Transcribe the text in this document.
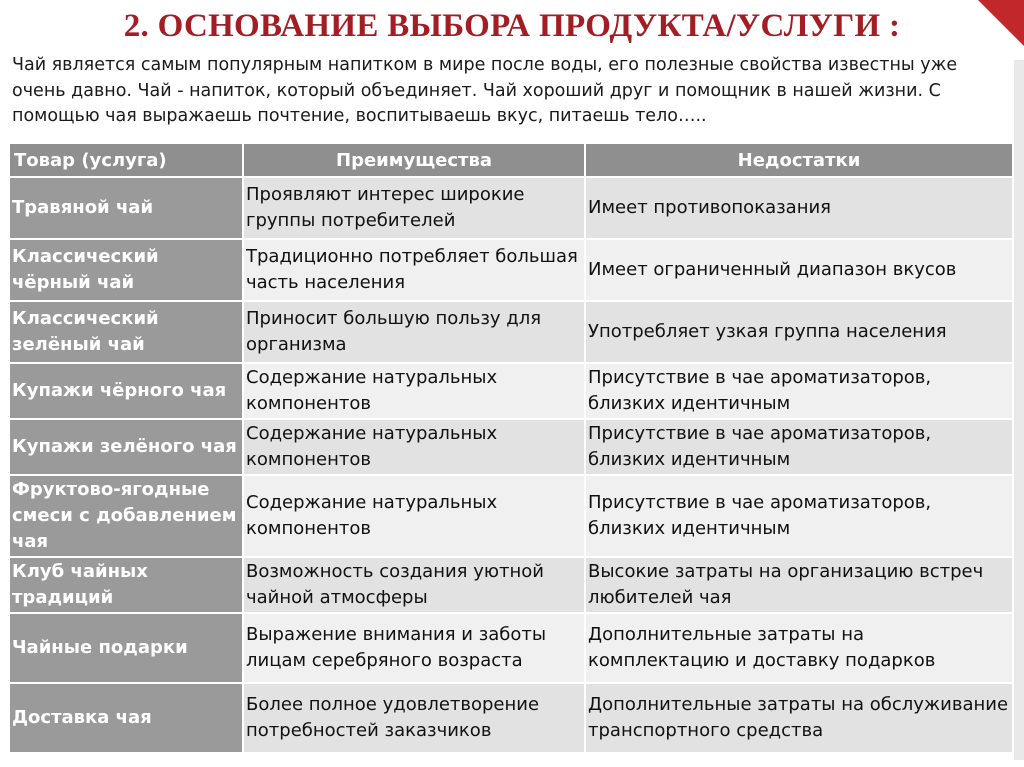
2. ОСНОВАНИЕ ВЫБОРА ПРОДУКТА/УСЛУГИ :
Чай является самым популярным напитком в мире после воды, его полезные свойства известны уже очень давно. Чай - напиток, который объединяет. Чай хороший друг и помощник в нашей жизни. С помощью чая выражаешь почтение, воспитываешь вкус, питаешь тело…..
Товар (услуга)	Преимущества	Недостатки
Травяной чай	Проявляют интерес широкие группы потребителей	Имеет противопоказания
Классический чёрный чай	Традиционно потребляет большая часть населения	Имеет ограниченный диапазон вкусов
Классический зелёный чай	Приносит большую пользу для организма	Употребляет узкая группа населения
Купажи чёрного чая	Содержание натуральных компонентов	Присутствие в чае ароматизаторов, близких идентичным
Купажи зелёного чая	Содержание натуральных компонентов	Присутствие в чае ароматизаторов, близких идентичным
Фруктово-ягодные смеси с добавлением чая	Содержание натуральных компонентов	Присутствие в чае ароматизаторов, близких идентичным
Клуб чайных традиций	Возможность создания уютной чайной атмосферы	Высокие затраты на организацию встреч любителей чая
Чайные подарки	Выражение внимания и заботы лицам серебряного возраста	Дополнительные затраты на комплектацию и доставку подарков
Доставка чая	Более полное удовлетворение потребностей заказчиков	Дополнительные затраты на обслуживание транспортного средства
